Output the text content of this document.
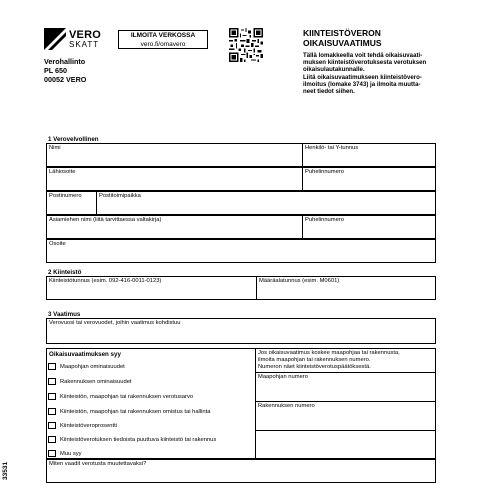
VERO
SKATT
Verohallinto
PL 650
00052 VERO
ILMOITA VERKOSSA
vero.fi/omavero
KIINTEISTÖVERON
OIKAISUVAATIMUS
Tällä lomakkeella voit tehdä oikaisuvaati-
muksen kiinteistöverotuksesta verotuksen
oikaisulautakunnalle.
Liitä oikaisuvaatimukseen kiinteistövero-
ilmoitus (lomake 3743) ja ilmoita muutta-
neet tiedot siihen.
1 Verovelvollinen
Nimi	Henkilö- tai Y-tunnus
Lähiosoite	Puhelinnumero
Postinumero	Postitoimipaikka
Asiamiehen nimi (liitä tarvittaessa valtakirja)	Puhelinnumero
Osoite
2 Kiinteistö
Kiinteistötunnus (esim. 092-416-0011-0123)	Määräalatunnus (esim. M0601)
3 Vaatimus
Verovuosi tai verovuodet, joihin vaatimus kohdistuu
Oikaisuvaatimuksen syy
Maapohjan ominaisuudet
Rakennuksen ominaisuudet
Kiinteistön, maapohjan tai rakennuksen verotusarvo
Kiinteistön, maapohjan tai rakennuksen omistus tai hallinta
Kiinteistöveroprosentti
Kiinteistöverotuksen tiedoista puuttuva kiinteistö tai rakennus
Muu syy
Jos oikaisuvaatimus koskee maapohjaa tai rakennusta,
ilmoita maapohjan tai rakennuksen numero.
Numeron näet kiinteistöverotuspäätöksestä.
Maapohjan numero
Rakennuksen numero
Miten vaadit verotusta muutettavaksi?
33531
